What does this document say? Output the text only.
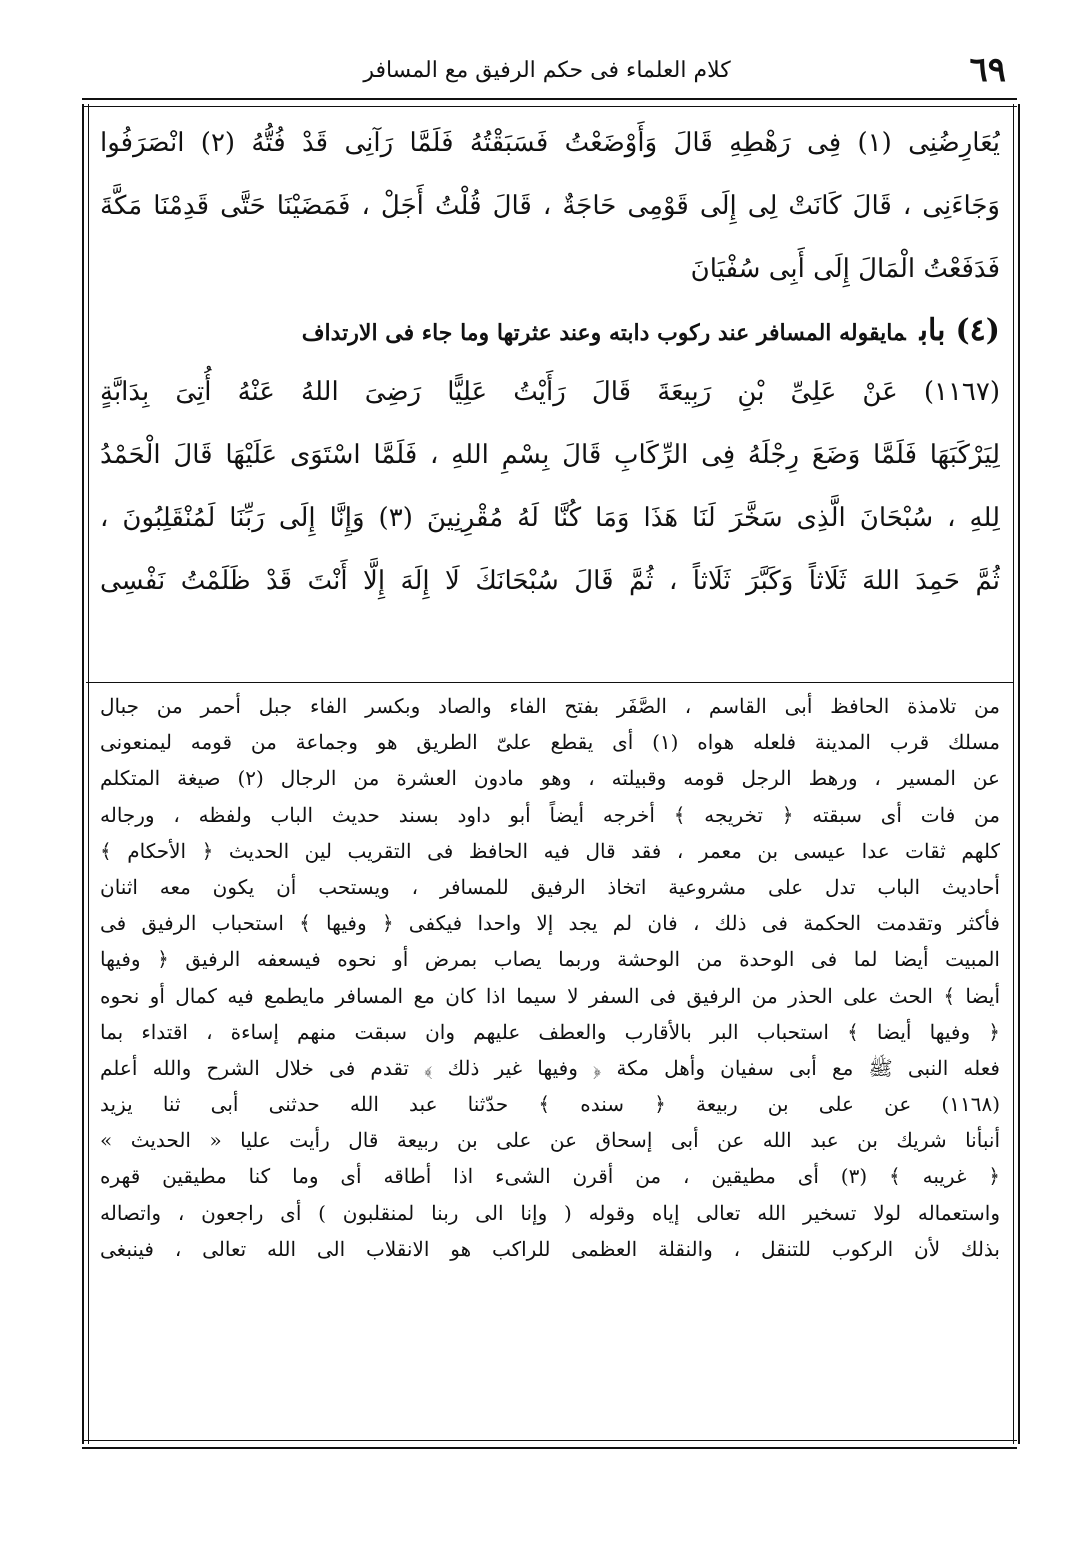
كلام العلماء فى حكم الرفيق مع المسافر	٦٩
يُعَارِضُنِى (١) فِى رَهْطِهِ قَالَ وَأَوْضَعْتُ فَسَبَقْتُهُ فَلَمَّا رَآنِى قَدْ فُتُّهُ (٢) انْصَرَفُوا
وَجَاءَنِى ، قَالَ كَانَتْ لِى إِلَى قَوْمِى حَاجَةٌ ، قَالَ قُلْتُ أَجَلْ ، فَمَضَيْنَا حَتَّى قَدِمْنَا مَكَّةَ
فَدَفَعْتُ الْمَالَ إِلَى أَبِى سُفْيَانَ
(٤)بابمايقوله المسافر عند ركوب دابته وعند عثرتها وما جاء فى الارتداف
(١١٦٧) عَنْ عَلِىِّ بْنِ رَبِيعَةَ قَالَ رَأَيْتُ عَلِيًّا رَضِىَ اللهُ عَنْهُ أُتِىَ بِدَابَّةٍ
لِيَرْكَبَهَا فَلَمَّا وَضَعَ رِجْلَهُ فِى الرِّكَابِ قَالَ بِسْمِ اللهِ ، فَلَمَّا اسْتَوَى عَلَيْهَا قَالَ الْحَمْدُ
لِلهِ ، سُبْحَانَ الَّذِى سَخَّرَ لَنَا هَذَا وَمَا كُنَّا لَهُ مُقْرِنِينَ (٣) وَإِنَّا إِلَى رَبِّنَا لَمُنْقَلِبُونَ ،
ثُمَّ حَمِدَ اللهَ ثَلَاثاً وَكَبَّرَ ثَلَاثاً ، ثُمَّ قَالَ سُبْحَانَكَ لَا إِلَهَ إِلَّا أَنْتَ قَدْ ظَلَمْتُ نَفْسِى
من تلامذة الحافظ أبى القاسم ، الصَّفَر بفتح الفاء والصاد وبكسر الفاء جبل أحمر من جبال
مسلك قرب المدينة فلعله هواه (١) أى يقطع علىّ الطريق هو وجماعة من قومه ليمنعونى
عن المسير ، ورهط الرجل قومه وقبيلته ، وهو مادون العشرة من الرجال (٢) صيغة المتكلم
من فات أى سبقته ﴿ تخريجه ﴾ أخرجه أيضاً أبو داود بسند حديث الباب ولفظه ، ورجاله
كلهم ثقات عدا عيسى بن معمر ، فقد قال فيه الحافظ فى التقريب لين الحديث ﴿ الأحكام ﴾
أحاديث الباب تدل على مشروعية اتخاذ الرفيق للمسافر ، ويستحب أن يكون معه اثنان
فأكثر وتقدمت الحكمة فى ذلك ، فان لم يجد إلا واحدا فيكفى ﴿ وفيها ﴾ استحباب الرفيق فى
المبيت أيضا لما فى الوحدة من الوحشة وربما يصاب بمرض أو نحوه فيسعفه الرفيق ﴿ وفيها
أيضا ﴾ الحث على الحذر من الرفيق فى السفر لا سيما اذا كان مع المسافر مايطمع فيه كمال أو نحوه
﴿ وفيها أيضا ﴾ استحباب البر بالأقارب والعطف عليهم وان سبقت منهم إساءة ، اقتداء بما
فعله النبى ﷺ مع أبى سفيان وأهل مكة ﴿ وفيها غير ذلك ﴾ تقدم فى خلال الشرح والله أعلم
(١١٦٨) عن على بن ربيعة ﴿ سنده ﴾ حدّثنا عبد الله حدثنى أبى ثنا يزيد
أنبأنا شريك بن عبد الله عن أبى إسحاق عن على بن ربيعة قال رأيت عليا « الحديث »
﴿ غريبه ﴾ (٣) أى مطيقين ، من أقرن الشىء اذا أطاقه أى وما كنا مطيقين قهره
واستعماله لولا تسخير الله تعالى إياه وقوله ( وإنا الى ربنا لمنقلبون ) أى راجعون ، واتصاله
بذلك لأن الركوب للتنقل ، والنقلة العظمى للراكب هو الانقلاب الى الله تعالى ، فينبغى
